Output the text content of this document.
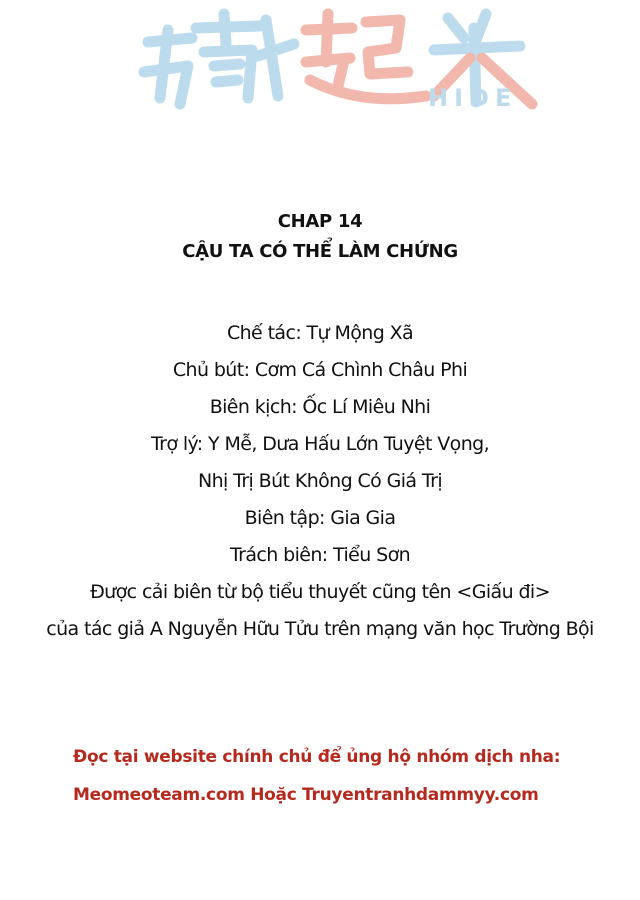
HIDE
CHAP 14
CẬU TA CÓ THỂ LÀM CHỨNG
Chế tác: Tự Mộng Xã
Chủ bút: Cơm Cá Chình Châu Phi
Biên kịch: Ốc Lí Miêu Nhi
Trợ lý: Y Mễ, Dưa Hấu Lớn Tuyệt Vọng,
Nhị Trị Bút Không Có Giá Trị
Biên tập: Gia Gia
Trách biên: Tiểu Sơn
Được cải biên từ bộ tiểu thuyết cũng tên <Giấu đi>
của tác giả A Nguyễn Hữu Tửu trên mạng văn học Trường Bội
Đọc tại website chính chủ để ủng hộ nhóm dịch nha:
Meomeoteam.com Hoặc Truyentranhdammyy.com
